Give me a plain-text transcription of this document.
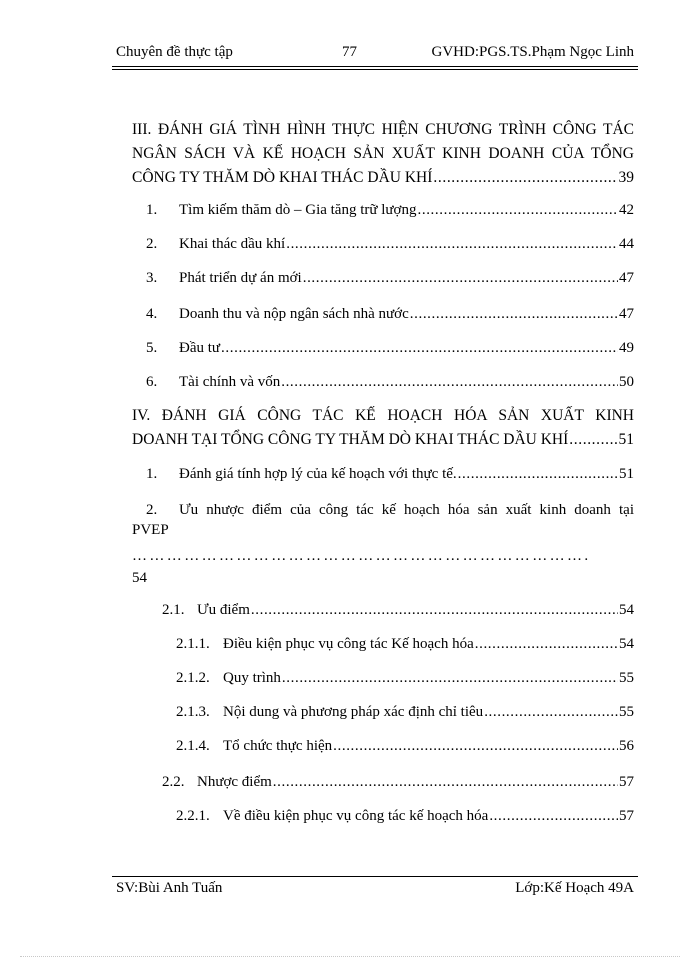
Chuyên đề thực tập	77	GVHD:PGS.TS.Phạm Ngọc Linh
III. ĐÁNH GIÁ TÌNH HÌNH THỰC HIỆN CHƯƠNG TRÌNH CÔNG TÁC
NGÂN SÁCH VÀ KẾ HOẠCH SẢN XUẤT KINH DOANH CỦA TỔNG
CÔNG TY THĂM DÒ KHAI THÁC DẦU KHÍ .....	39
1.	Tìm kiếm thăm dò – Gia tăng trữ lượng .....	42
2.	Khai thác dầu khí .....	44
3.	Phát triển dự án mới .....	47
4.	Doanh thu và nộp ngân sách nhà nước .....	47
5.	Đầu tư .....	49
6.	Tài chính và vốn .....	50
IV. ĐÁNH GIÁ CÔNG TÁC KẾ HOẠCH HÓA SẢN XUẤT KINH
DOANH TẠI TỔNG CÔNG TY THĂM DÒ KHAI THÁC DẦU KHÍ .....	51
1.	Đánh giá tính hợp lý của kế hoạch với thực tế. .....	51
2.	Ưu nhược điểm của công tác kế hoạch hóa sản xuất kinh doanh tại
PVEP
…………………………………………………………………….
54
2.1. Ưu điểm .....	54
2.1.1. Điều kiện phục vụ công tác Kế hoạch hóa .....	54
2.1.2. Quy trình .....	55
2.1.3. Nội dung và phương pháp xác định chỉ tiêu .....	55
2.1.4. Tổ chức thực hiện .....	56
2.2. Nhược điểm .....	57
2.2.1. Về điều kiện phục vụ công tác kế hoạch hóa .....	57
SV:Bùi Anh Tuấn	Lớp:Kế Hoạch 49A
